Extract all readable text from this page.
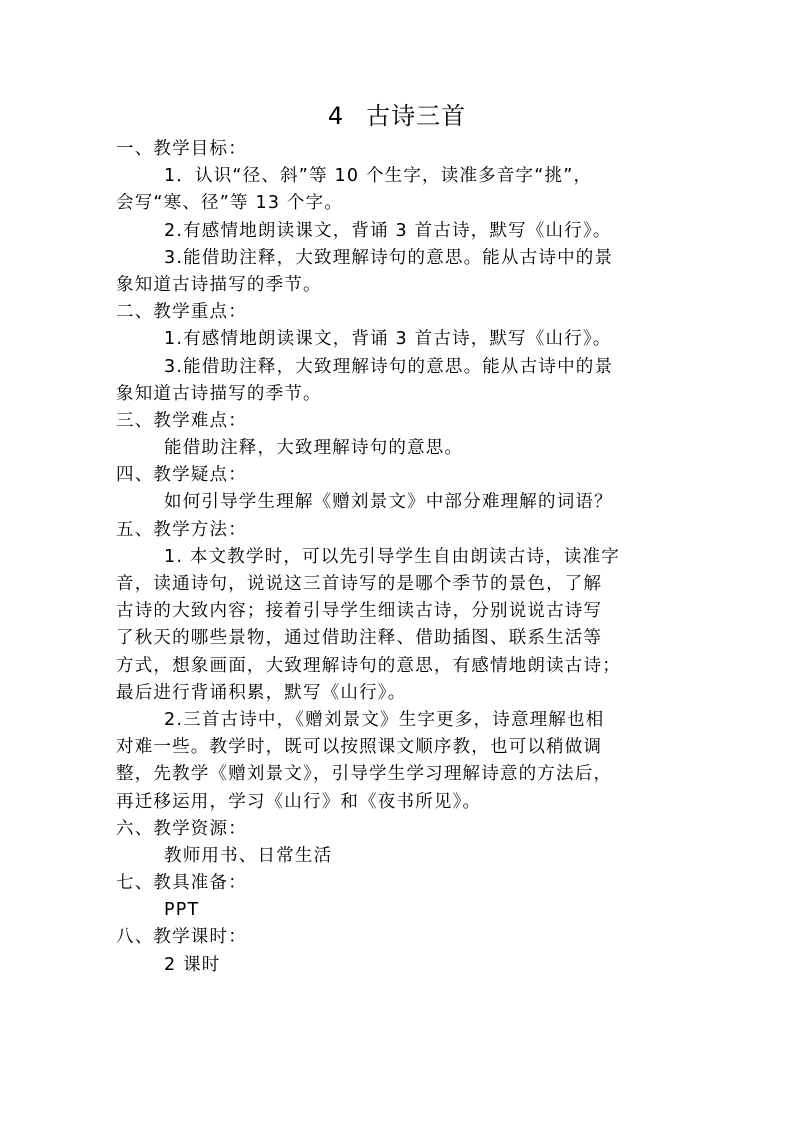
4 古诗三首
一、教学目标：
1．认识“径、斜”等 10 个生字，读准多音字“挑”，
会写“寒、径”等 13 个字。
2.有感情地朗读课文，背诵 3 首古诗，默写《山行》。
3.能借助注释，大致理解诗句的意思。能从古诗中的景
象知道古诗描写的季节。
二、教学重点：
1.有感情地朗读课文，背诵 3 首古诗，默写《山行》。
3.能借助注释，大致理解诗句的意思。能从古诗中的景
象知道古诗描写的季节。
三、教学难点：
能借助注释，大致理解诗句的意思。
四、教学疑点：
如何引导学生理解《赠刘景文》中部分难理解的词语？
五、教学方法：
1. 本文教学时，可以先引导学生自由朗读古诗，读准字
音，读通诗句，说说这三首诗写的是哪个季节的景色，了解
古诗的大致内容；接着引导学生细读古诗，分别说说古诗写
了秋天的哪些景物，通过借助注释、借助插图、联系生活等
方式，想象画面，大致理解诗句的意思，有感情地朗读古诗；
最后进行背诵积累，默写《山行》。
2.三首古诗中，《赠刘景文》生字更多，诗意理解也相
对难一些。教学时，既可以按照课文顺序教，也可以稍做调
整，先教学《赠刘景文》，引导学生学习理解诗意的方法后，
再迁移运用，学习《山行》和《夜书所见》。
六、教学资源：
教师用书、日常生活
七、教具准备：
PPT
八、教学课时：
2 课时
